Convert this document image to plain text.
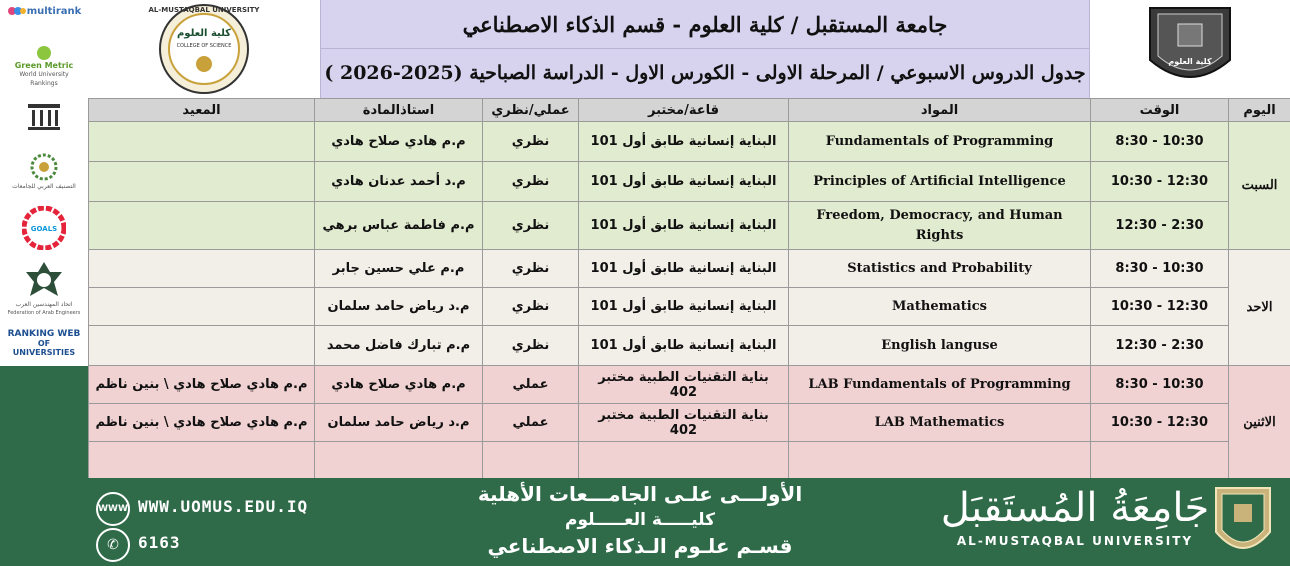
multirank
Green Metric
World University Rankings
التصنيف العربي للجامعات
GOALS
اتحاد المهندسين العرب
Federation of Arab Engineers
RANKING WEB
OF UNIVERSITIES
AL-MUSTAQBAL UNIVERSITY
كلية العلوم
COLLEGE OF SCIENCE
جامعة المستقبل / كلية العلوم - قسم الذكاء الاصطناعي
جدول الدروس الاسبوعي / المرحلة الاولى - الكورس الاول - الدراسة الصباحية (2025-2026 )
كلية العلوم
اليوم	الوقت	المواد	قاعة/مختبر	عملي/نظري	استاذالمادة	المعيد
السبت	8:30 - 10:30	Fundamentals of Programming	البناية إنسانية طابق أول 101	نظري	م.م هادي صلاح هادي	
	10:30 - 12:30	Principles of Artificial Intelligence	البناية إنسانية طابق أول 101	نظري	م.د أحمد عدنان هادي	
	12:30 - 2:30	Freedom, Democracy, and Human Rights	البناية إنسانية طابق أول 101	نظري	م.م فاطمة عباس برهي	
الاحد	8:30 - 10:30	Statistics and Probability	البناية إنسانية طابق أول 101	نظري	م.م علي حسين جابر	
	10:30 - 12:30	Mathematics	البناية إنسانية طابق أول 101	نظري	م.د رياض حامد سلمان	
	12:30 - 2:30	English languse	البناية إنسانية طابق أول 101	نظري	م.م تبارك فاضل محمد	
الاثنين	8:30 - 10:30	LAB Fundamentals of Programming	بناية التقنيات الطبية مختبر 402	عملي	م.م هادي صلاح هادي	م.م هادي صلاح هادي \ بنين ناظم
	10:30 - 12:30	LAB Mathematics	بناية التقنيات الطبية مختبر 402	عملي	م.د رياض حامد سلمان	م.م هادي صلاح هادي \ بنين ناظم

WWW WWW.UOMUS.EDU.IQ
✆	6163
الأولـــى علـى الجامـــعات الأهلية
كليـــــة العـــــلوم
قسـم علـوم الـذكاء الاصطناعي
جَامِعَةُ المُستَقبَل
AL-MUSTAQBAL UNIVERSITY
